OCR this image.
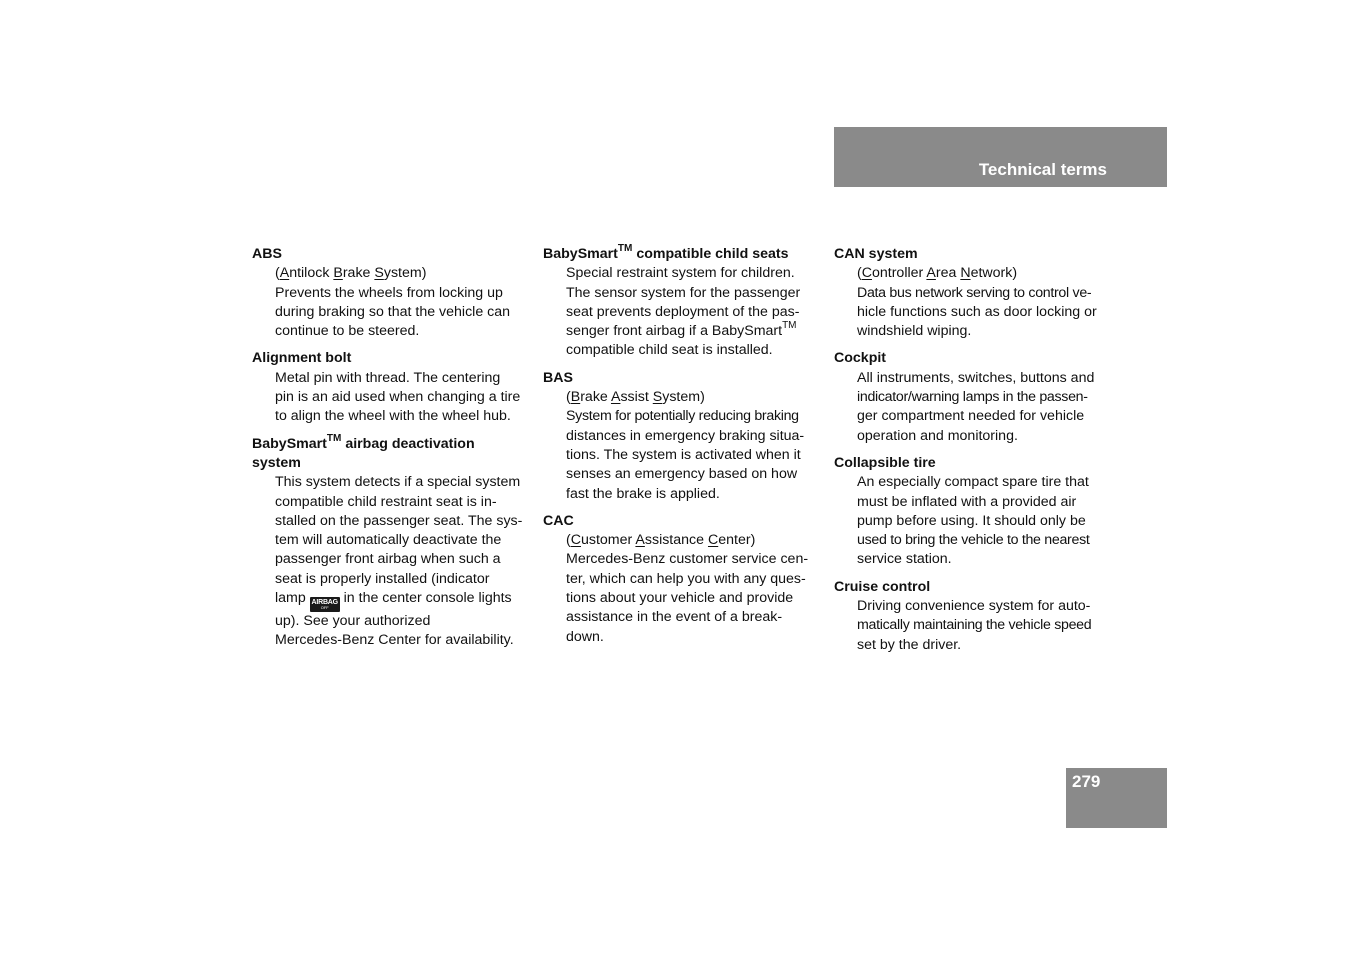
Technical terms
ABS
(Antilock Brake System)
Prevents the wheels from locking up
during braking so that the vehicle can
continue to be steered.
Alignment bolt
Metal pin with thread. The centering
pin is an aid used when changing a tire
to align the wheel with the wheel hub.
BabySmart™ airbag deactivation
system
This system detects if a special system
compatible child restraint seat is in-
stalled on the passenger seat. The sys-
tem will automatically deactivate the
passenger front airbag when such a
seat is properly installed (indicator
lamp AIRBAG
OFF
in the center console lights
up). See your authorized
Mercedes-Benz Center for availability.
BabySmart™ compatible child seats
Special restraint system for children.
The sensor system for the passenger
seat prevents deployment of the pas-
senger front airbag if a BabySmart™
compatible child seat is installed.
BAS
(Brake Assist System)
System for potentially reducing braking
distances in emergency braking situa-
tions. The system is activated when it
senses an emergency based on how
fast the brake is applied.
CAC
(Customer Assistance Center)
Mercedes-Benz customer service cen-
ter, which can help you with any ques-
tions about your vehicle and provide
assistance in the event of a break-
down.
CAN system
(Controller Area Network)
Data bus network serving to control ve-
hicle functions such as door locking or
windshield wiping.
Cockpit
All instruments, switches, buttons and
indicator/warning lamps in the passen-
ger compartment needed for vehicle
operation and monitoring.
Collapsible tire
An especially compact spare tire that
must be inflated with a provided air
pump before using. It should only be
used to bring the vehicle to the nearest
service station.
Cruise control
Driving convenience system for auto-
matically maintaining the vehicle speed
set by the driver.
279
